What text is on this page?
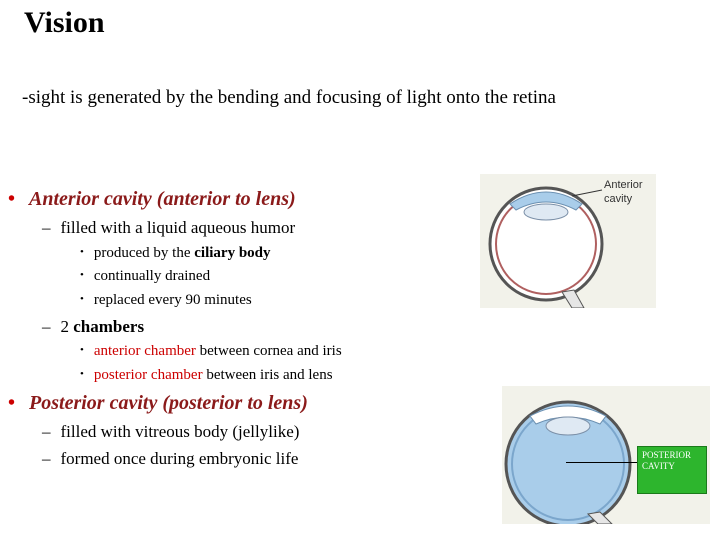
Vision
-sight is generated by the bending and focusing of light onto the retina
• Anterior cavity (anterior to lens)
– filled with a liquid aqueous humor
• produced by the ciliary body
• continually drained
• replaced every 90 minutes
– 2 chambers
• anterior chamber between cornea and iris
• posterior chamber between iris and lens
• Posterior cavity (posterior to lens)
– filled with vitreous body (jellylike)
– formed once during embryonic life
Anterior
cavity
POSTERIOR
CAVITY
